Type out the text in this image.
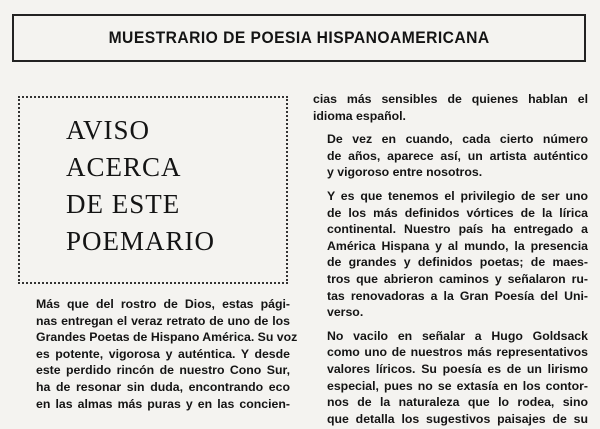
MUESTRARIO DE POESIA HISPANOAMERICANA
AVISO
ACERCA
DE ESTE
POEMARIO

Más que del rostro de Dios, estas pági-
nas entregan el veraz retrato de uno de los
Grandes Poetas de Hispano América. Su voz
es potente, vigorosa y auténtica. Y desde
este perdido rincón de nuestro Cono Sur,
ha de resonar sin duda, encontrando eco
en las almas más puras y en las concien-

cias más sensibles de quienes hablan el
idioma español.

De vez en cuando, cada cierto número
de años, aparece así, un artista auténtico
y vigoroso entre nosotros.

Y es que tenemos el privilegio de ser uno
de los más definidos vórtices de la lírica
continental. Nuestro país ha entregado a
América Hispana y al mundo, la presencia
de grandes y definidos poetas; de maes-
tros que abrieron caminos y señalaron ru-
tas renovadoras a la Gran Poesía del Uni-
verso.

No vacilo en señalar a Hugo Goldsack
como uno de nuestros más representativos
valores líricos. Su poesía es de un lirismo
especial, pues no se extasía en los contor-
nos de la naturaleza que lo rodea, sino
que detalla los sugestivos paisajes de su
